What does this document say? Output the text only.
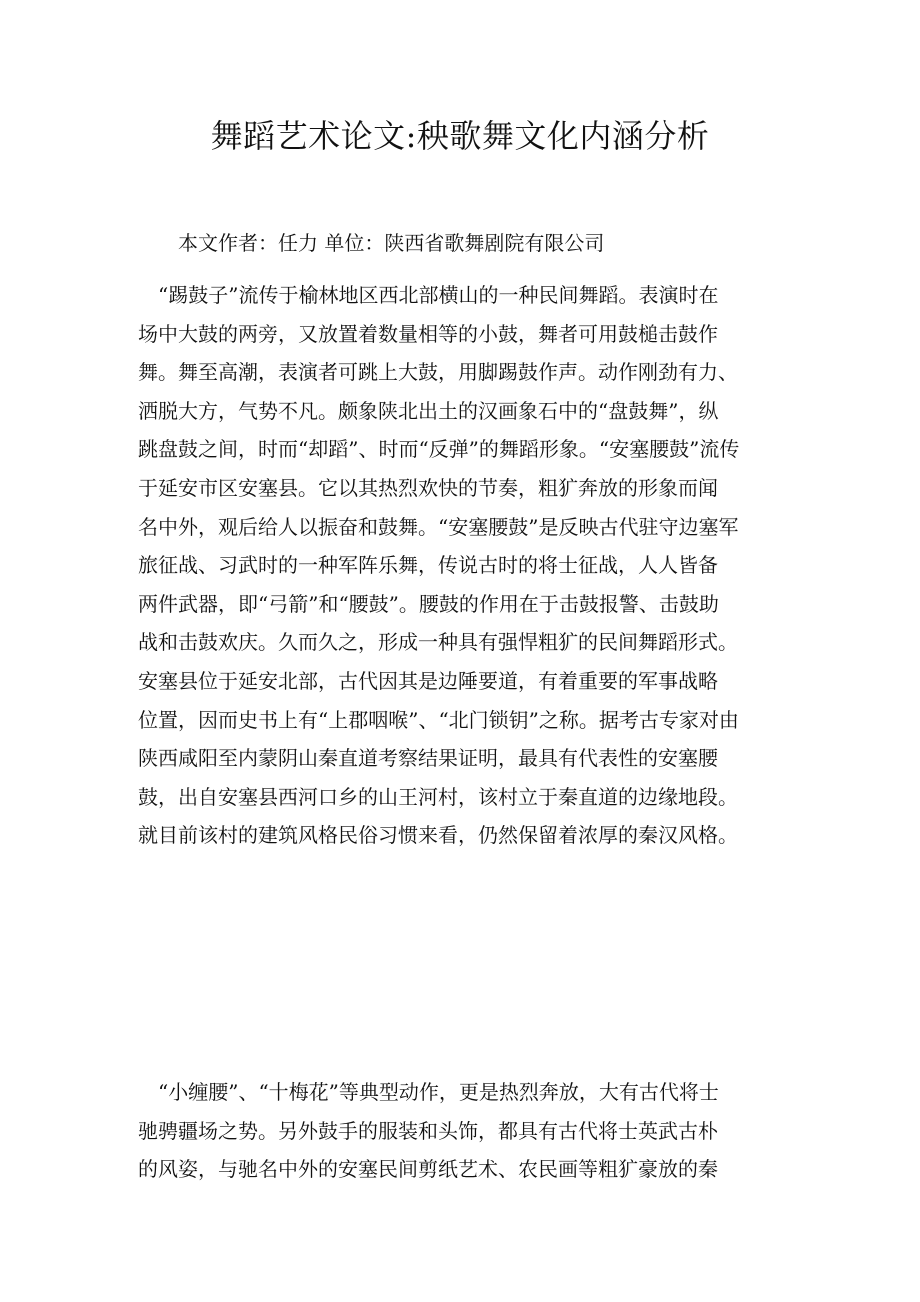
舞蹈艺术论文:秧歌舞文化内涵分析

本文作者：任力 单位：陕西省歌舞剧院有限公司

　“踢鼓子”流传于榆林地区西北部横山的一种民间舞蹈。表演时在
场中大鼓的两旁，又放置着数量相等的小鼓，舞者可用鼓槌击鼓作
舞。舞至高潮，表演者可跳上大鼓，用脚踢鼓作声。动作刚劲有力、
洒脱大方，气势不凡。颇象陕北出土的汉画象石中的“盘鼓舞”，纵
跳盘鼓之间，时而“却蹈”、时而“反弹”的舞蹈形象。“安塞腰鼓”流传
于延安市区安塞县。它以其热烈欢快的节奏，粗犷奔放的形象而闻
名中外，观后给人以振奋和鼓舞。“安塞腰鼓”是反映古代驻守边塞军
旅征战、习武时的一种军阵乐舞，传说古时的将士征战，人人皆备
两件武器，即“弓箭”和“腰鼓”。腰鼓的作用在于击鼓报警、击鼓助
战和击鼓欢庆。久而久之，形成一种具有强悍粗犷的民间舞蹈形式。
安塞县位于延安北部，古代因其是边陲要道，有着重要的军事战略
位置，因而史书上有“上郡咽喉”、“北门锁钥”之称。据考古专家对由
陕西咸阳至内蒙阴山秦直道考察结果证明，最具有代表性的安塞腰
鼓，出自安塞县西河口乡的山王河村，该村立于秦直道的边缘地段。
就目前该村的建筑风格民俗习惯来看，仍然保留着浓厚的秦汉风格。
　“小缠腰”、“十梅花”等典型动作，更是热烈奔放，大有古代将士
驰骋疆场之势。另外鼓手的服装和头饰，都具有古代将士英武古朴
的风姿，与驰名中外的安塞民间剪纸艺术、农民画等粗犷豪放的秦
